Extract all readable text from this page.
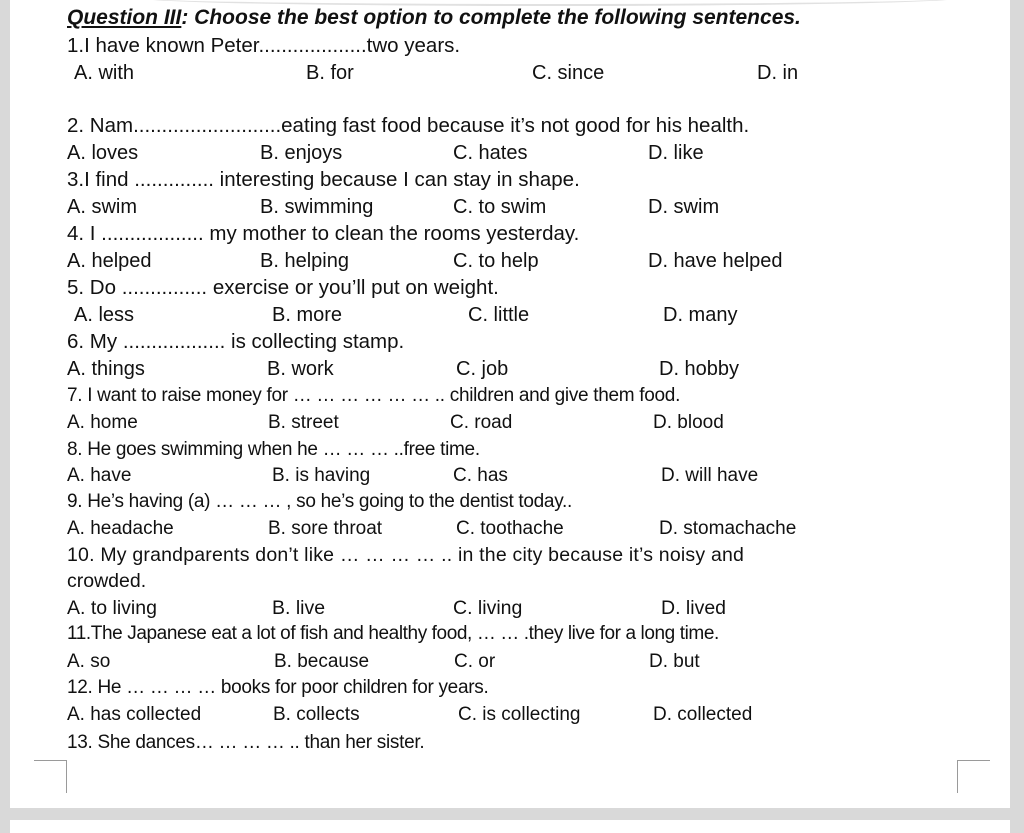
Question III: Choose the best option to complete the following sentences.
1.I have known Peter...................two years.
A. with	B. for	C. since	D. in
2. Nam..........................eating fast food because it’s not good for his health.
A. loves	B. enjoys	C. hates	D. like
3.I find .............. interesting because I can stay in shape.
A. swim	B. swimming	C. to swim	D. swim
4. I .................. my mother to clean the rooms yesterday.
A. helped	B. helping	C. to help	D. have helped
5. Do ............... exercise or you’ll put on weight.
A. less	B. more	C. little	D. many
6. My .................. is collecting stamp.
A. things	B. work	C. job	D. hobby
7. I want to raise money for … … … … … … .. children and give them food.
A. home	B. street	C. road	D. blood
8. He goes swimming when he … … … ..free time.
A. have	B. is having	C. has	D. will have
9. He’s having (a) … … … , so he’s going to the dentist today..
A. headache	B. sore throat	C. toothache	D. stomachache
10. My grandparents don’t like … … … … .. in the city because it’s noisy and
crowded.
A. to living	B. live	C. living	D. lived
11.The Japanese eat a lot of fish and healthy food, … … .they live for a long time.
A. so	B. because	C. or	D. but
12. He … … … … books for poor children for years.
A. has collected	B. collects	C. is collecting	D. collected
13. She dances… … … … .. than her sister.
